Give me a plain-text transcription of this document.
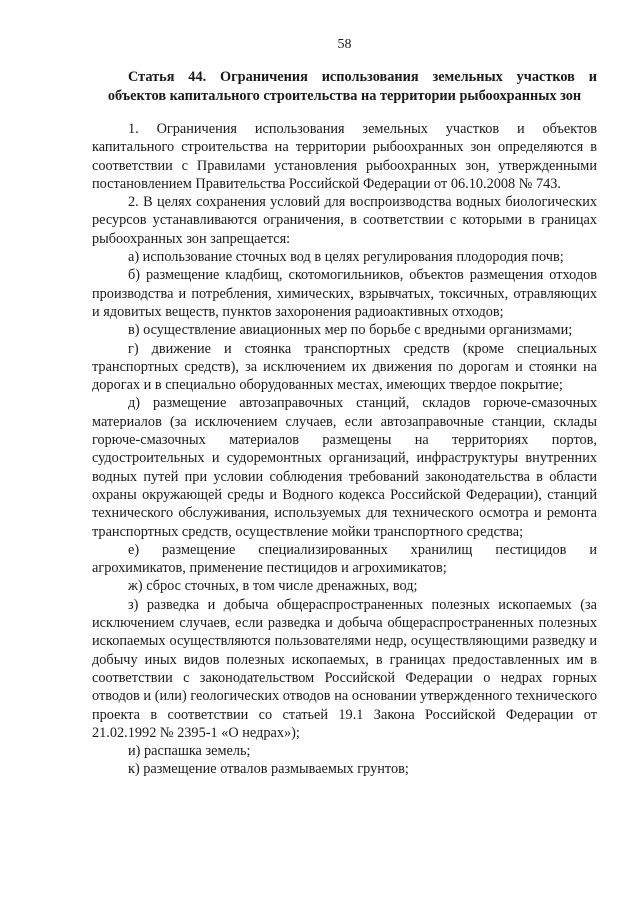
58
Статья 44. Ограничения использования земельных участков и объектов капитального строительства на территории рыбоохранных зон

1. Ограничения использования земельных участков и объектов капитального строительства на территории рыбоохранных зон определяются в соответствии с Правилами установления рыбоохранных зон, утвержденными постановлением Правительства Российской Федерации от 06.10.2008 № 743.

2. В целях сохранения условий для воспроизводства водных биологических ресурсов устанавливаются ограничения, в соответствии с которыми в границах рыбоохранных зон запрещается:

а) использование сточных вод в целях регулирования плодородия почв;

б) размещение кладбищ, скотомогильников, объектов размещения отходов производства и потребления, химических, взрывчатых, токсичных, отравляющих и ядовитых веществ, пунктов захоронения радиоактивных отходов;

в) осуществление авиационных мер по борьбе с вредными организмами;

г) движение и стоянка транспортных средств (кроме специальных транспортных средств), за исключением их движения по дорогам и стоянки на дорогах и в специально оборудованных местах, имеющих твердое покрытие;

д) размещение автозаправочных станций, складов горюче-смазочных материалов (за исключением случаев, если автозаправочные станции, склады горюче-смазочных материалов размещены на территориях портов, судостроительных и судоремонтных организаций, инфраструктуры внутренних водных путей при условии соблюдения требований законодательства в области охраны окружающей среды и Водного кодекса Российской Федерации), станций технического обслуживания, используемых для технического осмотра и ремонта транспортных средств, осуществление мойки транспортного средства;

е) размещение специализированных хранилищ пестицидов и агрохимикатов, применение пестицидов и агрохимикатов;

ж) сброс сточных, в том числе дренажных, вод;

з) разведка и добыча общераспространенных полезных ископаемых (за исключением случаев, если разведка и добыча общераспространенных полезных ископаемых осуществляются пользователями недр, осуществляющими разведку и добычу иных видов полезных ископаемых, в границах предоставленных им в соответствии с законодательством Российской Федерации о недрах горных отводов и (или) геологических отводов на основании утвержденного технического проекта в соответствии со статьей 19.1 Закона Российской Федерации от 21.02.1992 № 2395-1 «О недрах»);

и) распашка земель;

к) размещение отвалов размываемых грунтов;
